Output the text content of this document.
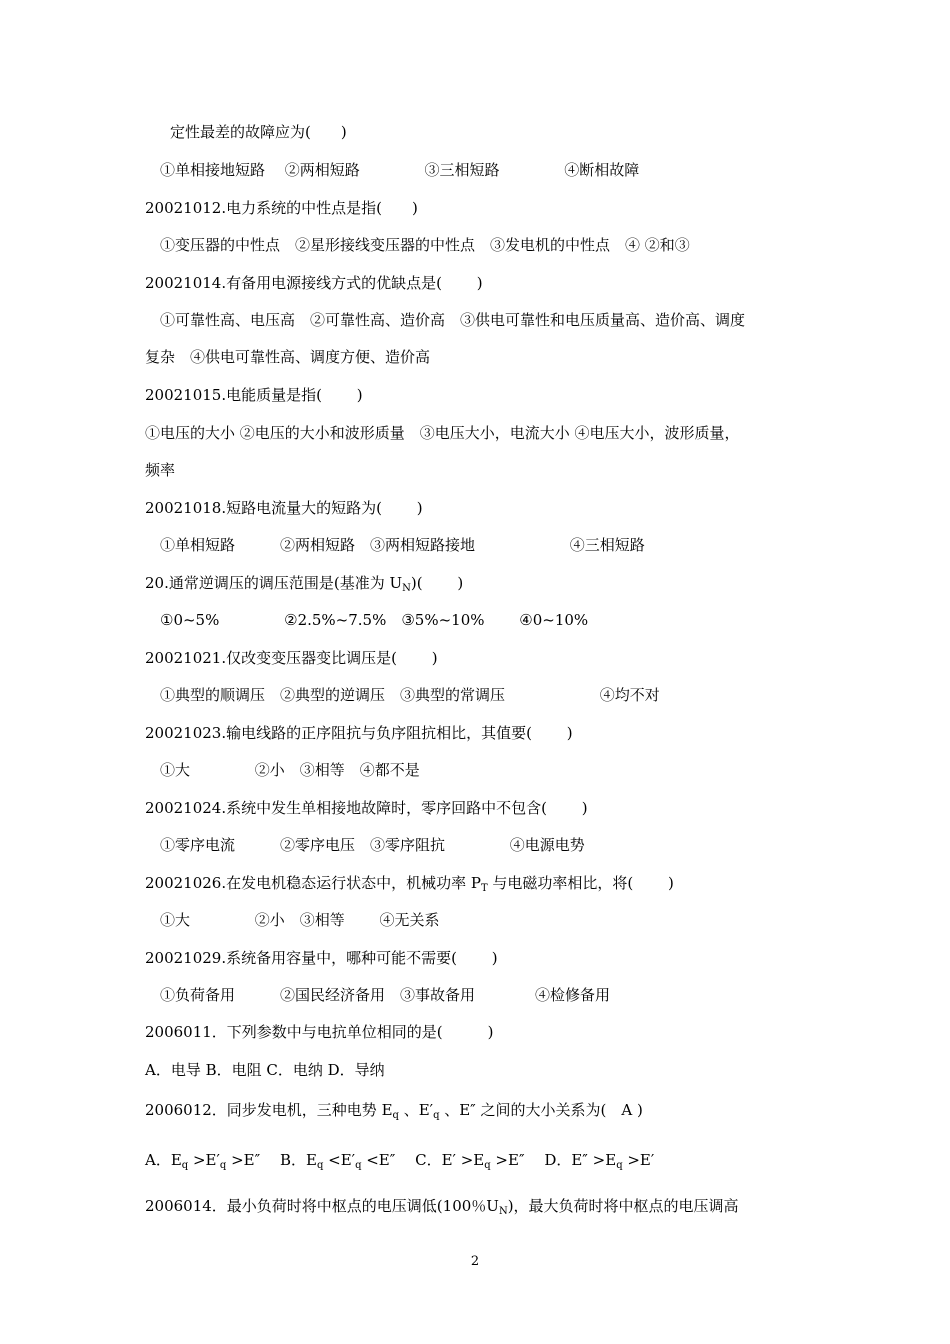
定性最差的故障应为(　　)
①单相接地短路　 ②两相短路　　　　 ③三相短路　　　　 ④断相故障
20021012.电力系统的中性点是指(　　)
①变压器的中性点　②星形接线变压器的中性点　③发电机的中性点　④ ②和③
20021014.有备用电源接线方式的优缺点是(　　 )
①可靠性高、电压高　②可靠性高、造价高　③供电可靠性和电压质量高、造价高、调度
复杂　④供电可靠性高、调度方便、造价高
20021015.电能质量是指(　　 )
①电压的大小 ②电压的大小和波形质量　③电压大小，电流大小 ④电压大小，波形质量，
频率
20021018.短路电流量大的短路为(　　 )
①单相短路　　　②两相短路　③两相短路接地　　　　　　 ④三相短路
20.通常逆调压的调压范围是(基准为 $U_N$)(　　 )
①0~5%　　　　 ②2.5%~7.5%　③5%~10%　　 ④0~10%
20021021.仅改变变压器变比调压是(　　 )
①典型的顺调压　②典型的逆调压　③典型的常调压　　　　　　 ④均不对
20021023.输电线路的正序阻抗与负序阻抗相比，其值要(　　 )
①大　　　　 ②小　③相等　④都不是
20021024.系统中发生单相接地故障时，零序回路中不包含(　　 )
①零序电流　　　②零序电压　③零序阻抗　　　　 ④电源电势
20021026.在发电机稳态运行状态中，机械功率 $P_T$ 与电磁功率相比，将(　　 )
①大　　　　 ②小　③相等　　 ④无关系
20021029.系统备用容量中，哪种可能不需要(　　 )
①负荷备用　　　②国民经济备用　③事故备用　　　　④检修备用
2006011．下列参数中与电抗单位相同的是(　　　)
A．电导 B．电阻 C．电纳 D．导纳
2006012．同步发电机，三种电势 $E_q$ 、$E'_q$ 、E″ 之间的大小关系为(　A )
A．$E_q >E'_q >E''$　 B．$E_q <E'_q <E''$　 C．$E' >E_q >E''$　 D．$E'' >E_q >E'$
2006014．最小负荷时将中枢点的电压调低(100％$U_N$)，最大负荷时将中枢点的电压调高
2
